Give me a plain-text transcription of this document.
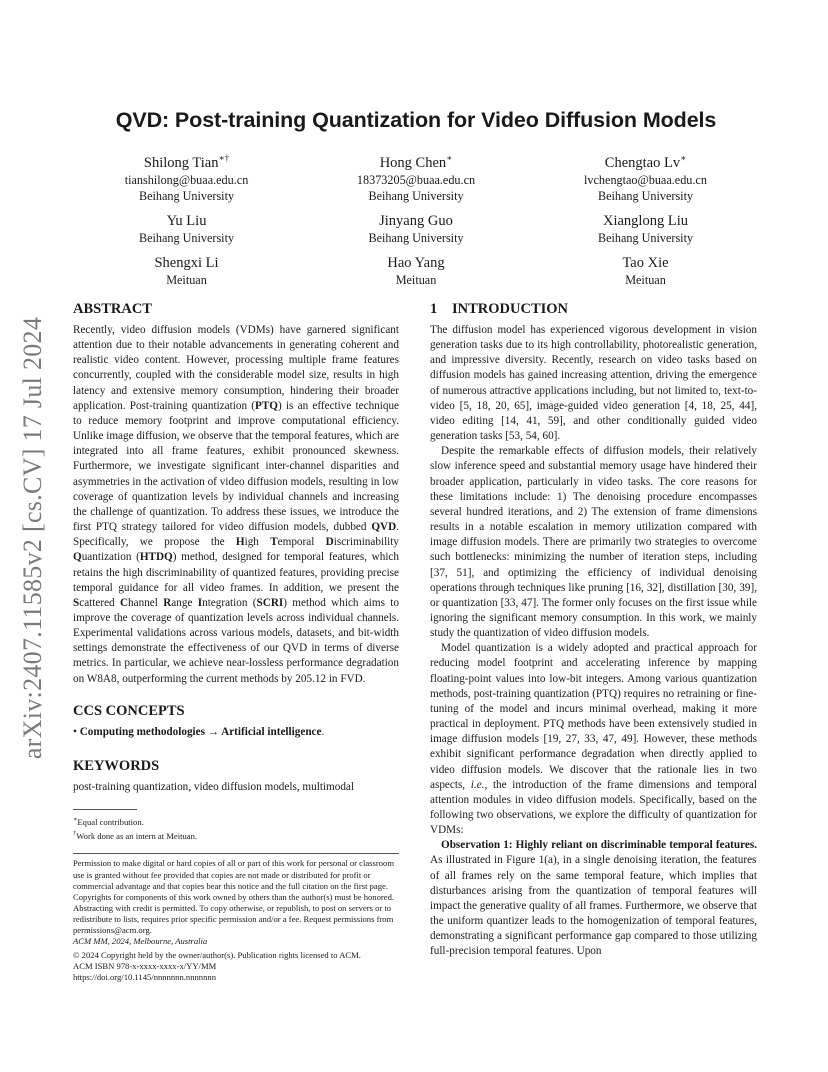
arXiv:2407.11585v2 [cs.CV] 17 Jul 2024
QVD: Post-training Quantization for Video Diffusion Models
Shilong Tian∗†
tianshilong@buaa.edu.cn
Beihang University
Hong Chen∗
18373205@buaa.edu.cn
Beihang University
Chengtao Lv∗
lvchengtao@buaa.edu.cn
Beihang University
Yu Liu
Beihang University
Jinyang Guo
Beihang University
Xianglong Liu
Beihang University
Shengxi Li
Meituan
Hao Yang
Meituan
Tao Xie
Meituan
ABSTRACT

Recently, video diffusion models (VDMs) have garnered significant attention due to their notable advancements in generating coherent and realistic video content. However, processing multiple frame features concurrently, coupled with the considerable model size, results in high latency and extensive memory consumption, hindering their broader application. Post-training quantization (PTQ) is an effective technique to reduce memory footprint and improve computational efficiency. Unlike image diffusion, we observe that the temporal features, which are integrated into all frame features, exhibit pronounced skewness. Furthermore, we investigate significant inter-channel disparities and asymmetries in the activation of video diffusion models, resulting in low coverage of quantization levels by individual channels and increasing the challenge of quantization. To address these issues, we introduce the first PTQ strategy tailored for video diffusion models, dubbed QVD. Specifically, we propose the High Temporal Discriminability Quantization (HTDQ) method, designed for temporal features, which retains the high discriminability of quantized features, providing precise temporal guidance for all video frames. In addition, we present the Scattered Channel Range Integration (SCRI) method which aims to improve the coverage of quantization levels across individual channels. Experimental validations across various models, datasets, and bit-width settings demonstrate the effectiveness of our QVD in terms of diverse metrics. In particular, we achieve near-lossless performance degradation on W8A8, outperforming the current methods by 205.12 in FVD.

CCS CONCEPTS
• Computing methodologies → Artificial intelligence.
KEYWORDS
post-training quantization, video diffusion models, multimodal
∗Equal contribution.
†Work done as an intern at Meituan.

Permission to make digital or hard copies of all or part of this work for personal or classroom use is granted without fee provided that copies are not made or distributed for profit or commercial advantage and that copies bear this notice and the full citation on the first page. Copyrights for components of this work owned by others than the author(s) must be honored. Abstracting with credit is permitted. To copy otherwise, or republish, to post on servers or to redistribute to lists, requires prior specific permission and/or a fee. Request permissions from permissions@acm.org.

ACM MM, 2024, Melbourne, Australia

© 2024 Copyright held by the owner/author(s). Publication rights licensed to ACM.

ACM ISBN 978-x-xxxx-xxxx-x/YY/MM

https://doi.org/10.1145/nnnnnnn.nnnnnnn

1 INTRODUCTION

The diffusion model has experienced vigorous development in vision generation tasks due to its high controllability, photorealistic generation, and impressive diversity. Recently, research on video tasks based on diffusion models has gained increasing attention, driving the emergence of numerous attractive applications including, but not limited to, text-to-video [5, 18, 20, 65], image-guided video generation [4, 18, 25, 44], video editing [14, 41, 59], and other conditionally guided video generation tasks [53, 54, 60].

Despite the remarkable effects of diffusion models, their relatively slow inference speed and substantial memory usage have hindered their broader application, particularly in video tasks. The core reasons for these limitations include: 1) The denoising procedure encompasses several hundred iterations, and 2) The extension of frame dimensions results in a notable escalation in memory utilization compared with image diffusion models. There are primarily two strategies to overcome such bottlenecks: minimizing the number of iteration steps, including [37, 51], and optimizing the efficiency of individual denoising operations through techniques like pruning [16, 32], distillation [30, 39], or quantization [33, 47]. The former only focuses on the first issue while ignoring the significant memory consumption. In this work, we mainly study the quantization of video diffusion models.

Model quantization is a widely adopted and practical approach for reducing model footprint and accelerating inference by mapping floating-point values into low-bit integers. Among various quantization methods, post-training quantization (PTQ) requires no retraining or fine-tuning of the model and incurs minimal overhead, making it more practical in deployment. PTQ methods have been extensively studied in image diffusion models [19, 27, 33, 47, 49]. However, these methods exhibit significant performance degradation when directly applied to video diffusion models. We discover that the rationale lies in two aspects, i.e., the introduction of the frame dimensions and temporal attention modules in video diffusion models. Specifically, based on the following two observations, we explore the difficulty of quantization for VDMs:

Observation 1: Highly reliant on discriminable temporal features. As illustrated in Figure 1(a), in a single denoising iteration, the features of all frames rely on the same temporal feature, which implies that disturbances arising from the quantization of temporal features will impact the generative quality of all frames. Furthermore, we observe that the uniform quantizer leads to the homogenization of temporal features, demonstrating a significant performance gap compared to those utilizing full-precision temporal features. Upon
